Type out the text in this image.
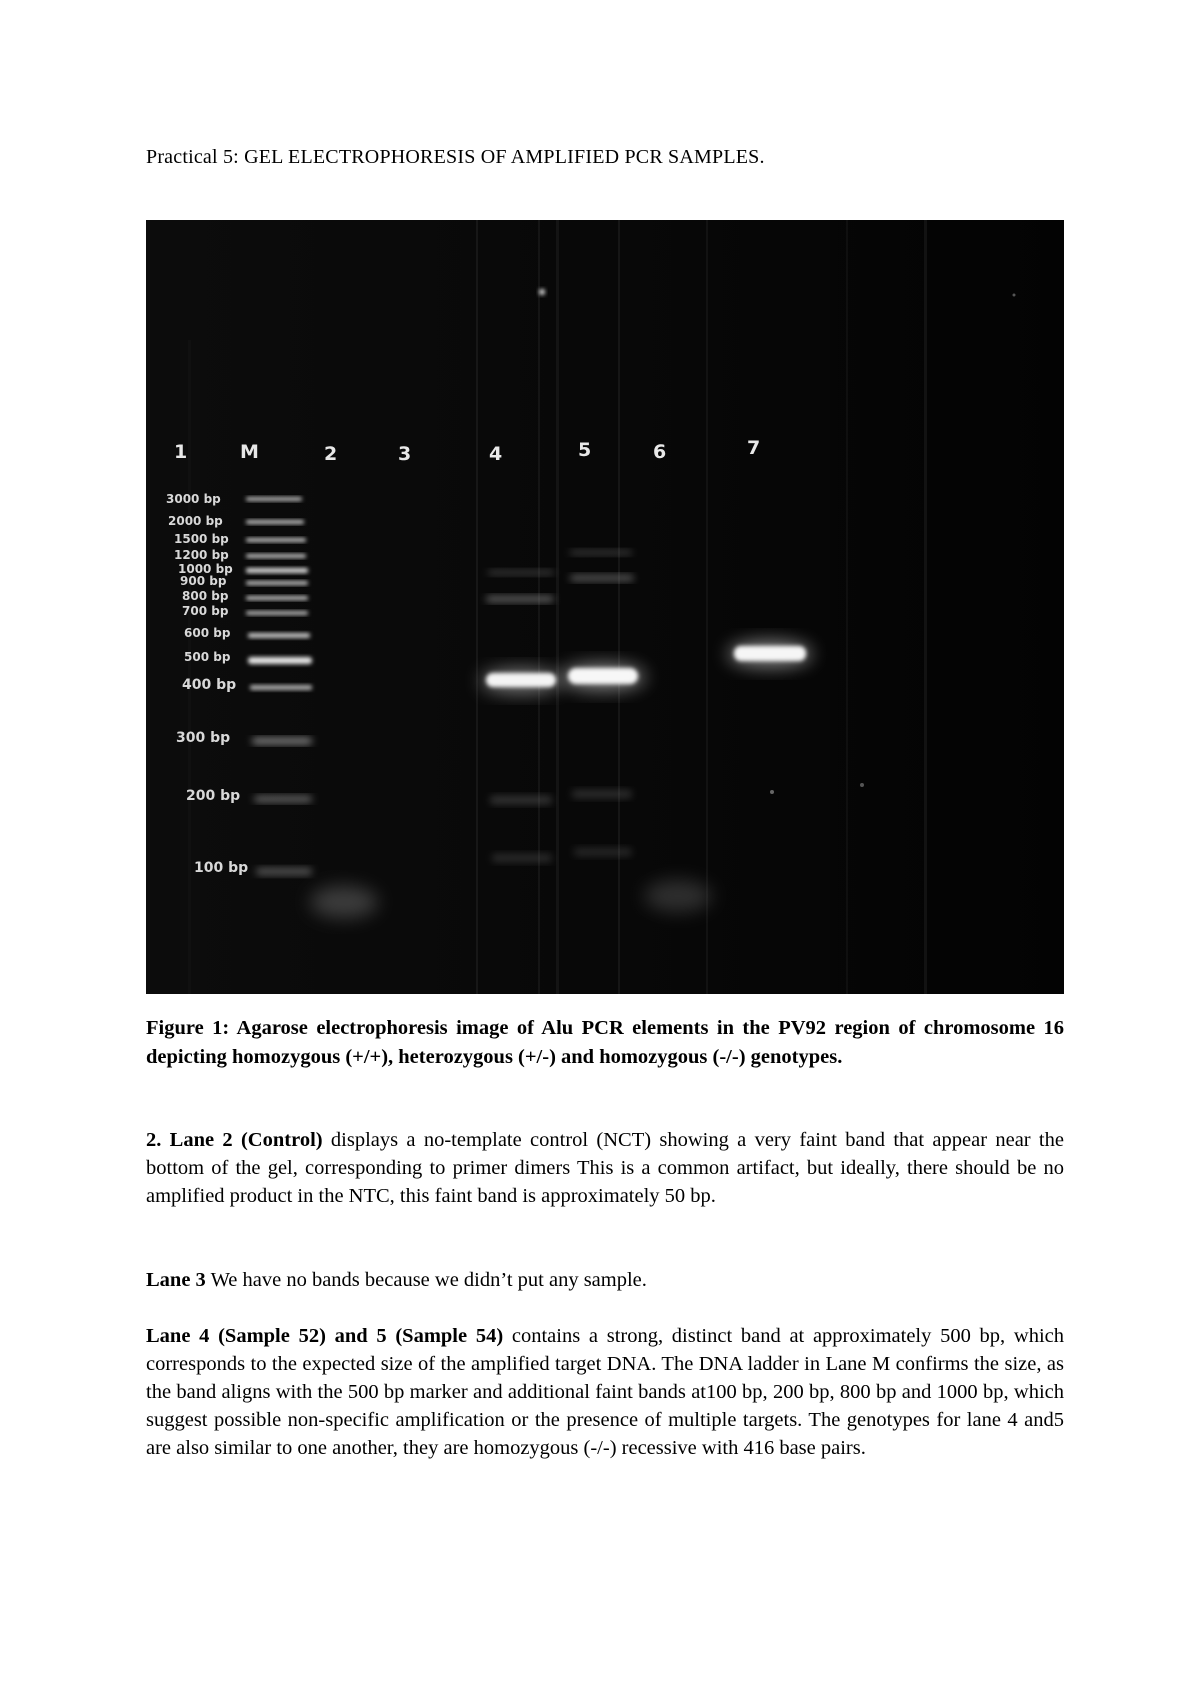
Practical 5: GEL ELECTROPHORESIS OF AMPLIFIED PCR SAMPLES.
1	M	2	3	4	5	6	7
3000 bp
2000 bp
1500 bp
1200 bp
1000 bp
900 bp
800 bp
700 bp
600 bp
500 bp
400 bp
300 bp
200 bp
100 bp
Figure 1: Agarose electrophoresis image of Alu PCR elements in the PV92 region of chromosome 16 depicting homozygous (+/+), heterozygous (+/-) and homozygous (-/-) genotypes.
2. Lane 2 (Control) displays a no-template control (NCT) showing a very faint band that appear near the bottom of the gel, corresponding to primer dimers This is a common artifact, but ideally, there should be no amplified product in the NTC, this faint band is approximately 50 bp.
Lane 3 We have no bands because we didn’t put any sample.
Lane 4 (Sample 52) and 5 (Sample 54) contains a strong, distinct band at approximately 500 bp, which corresponds to the expected size of the amplified target DNA. The DNA ladder in Lane M confirms the size, as the band aligns with the 500 bp marker and additional faint bands at100 bp, 200 bp, 800 bp and 1000 bp, which suggest possible non-specific amplification or the presence of multiple targets. The genotypes for lane 4 and5 are also similar to one another, they are homozygous (-/-) recessive with 416 base pairs.
